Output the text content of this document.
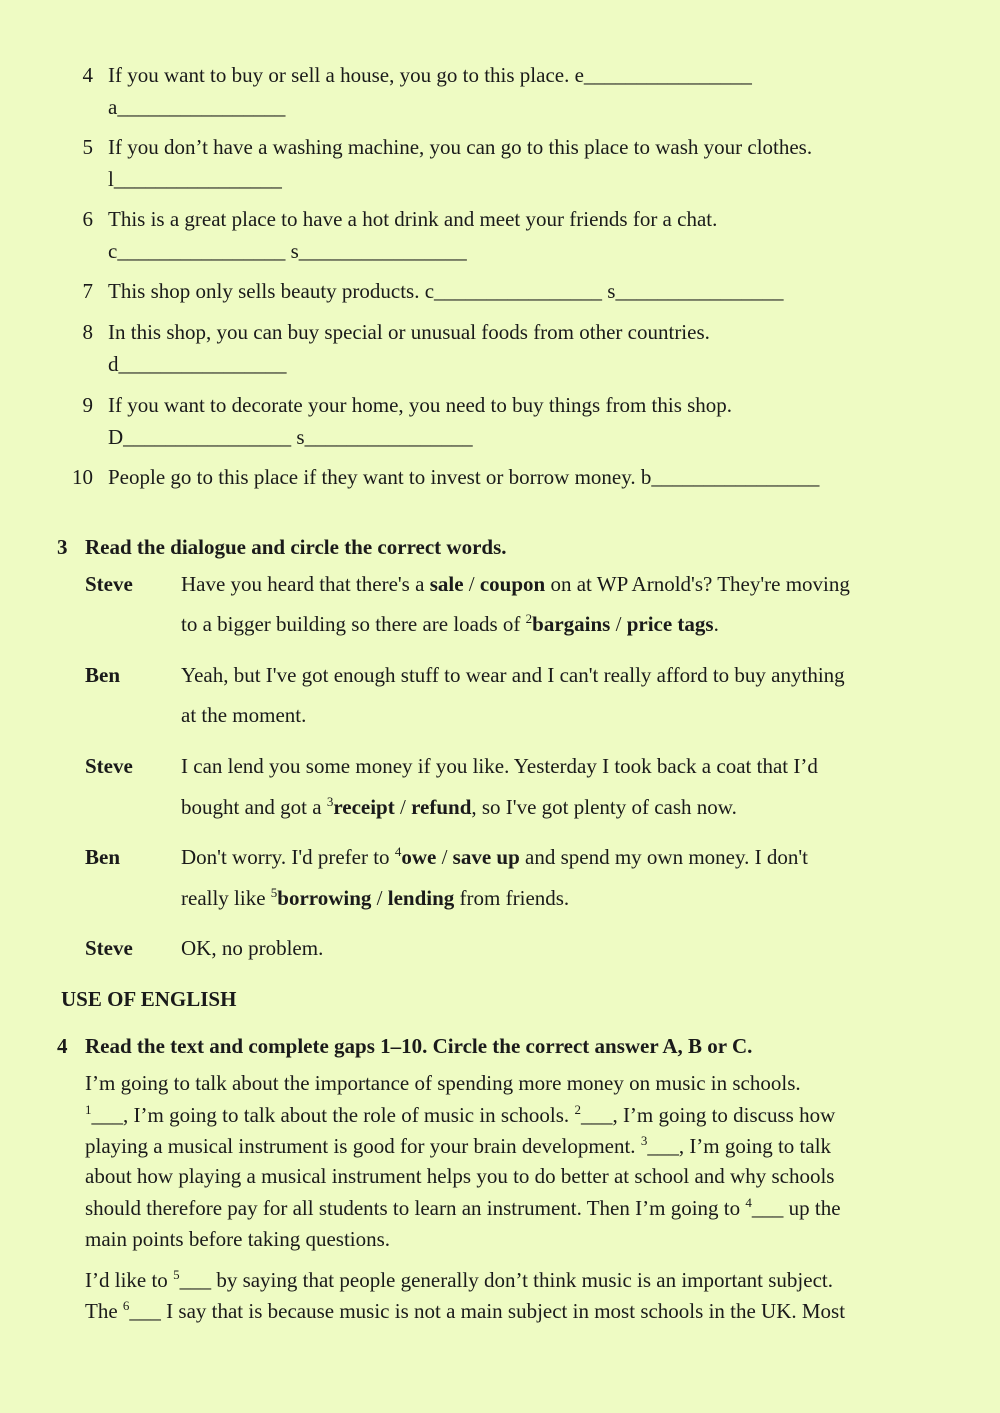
4 If you want to buy or sell a house, you go to this place. e________________
a________________
5 If you don’t have a washing machine, you can go to this place to wash your clothes.
l________________
6 This is a great place to have a hot drink and meet your friends for a chat.
c________________ s________________
7 This shop only sells beauty products. c________________ s________________
8 In this shop, you can buy special or unusual foods from other countries.
d________________
9 If you want to decorate your home, you need to buy things from this shop.
D________________ s________________
10 People go to this place if they want to invest or borrow money. b________________
3 Read the dialogue and circle the correct words.
Steve Have you heard that there's a sale / coupon on at WP Arnold's? They're moving
to a bigger building so there are loads of $^2$bargains / price tags.
Ben	Yeah, but I've got enough stuff to wear and I can't really afford to buy anything
at the moment.
Steve I can lend you some money if you like. Yesterday I took back a coat that I’d
bought and got a $^3$receipt / refund, so I've got plenty of cash now.
Ben	Don't worry. I'd prefer to $^4$owe / save up and spend my own money. I don't
really like $^5$borrowing / lending from friends.
Steve OK, no problem.
USE OF ENGLISH
4 Read the text and complete gaps 1–10. Circle the correct answer A, B or C.
I’m going to talk about the importance of spending more money on music in schools.
$^1$___, I’m going to talk about the role of music in schools. $^2$___, I’m going to discuss how
playing a musical instrument is good for your brain development. $^3$___, I’m going to talk
about how playing a musical instrument helps you to do better at school and why schools
should therefore pay for all students to learn an instrument. Then I’m going to $^4$___ up the
main points before taking questions.
I’d like to $^5$___ by saying that people generally don’t think music is an important subject.
The $^6$___ I say that is because music is not a main subject in most schools in the UK. Most
